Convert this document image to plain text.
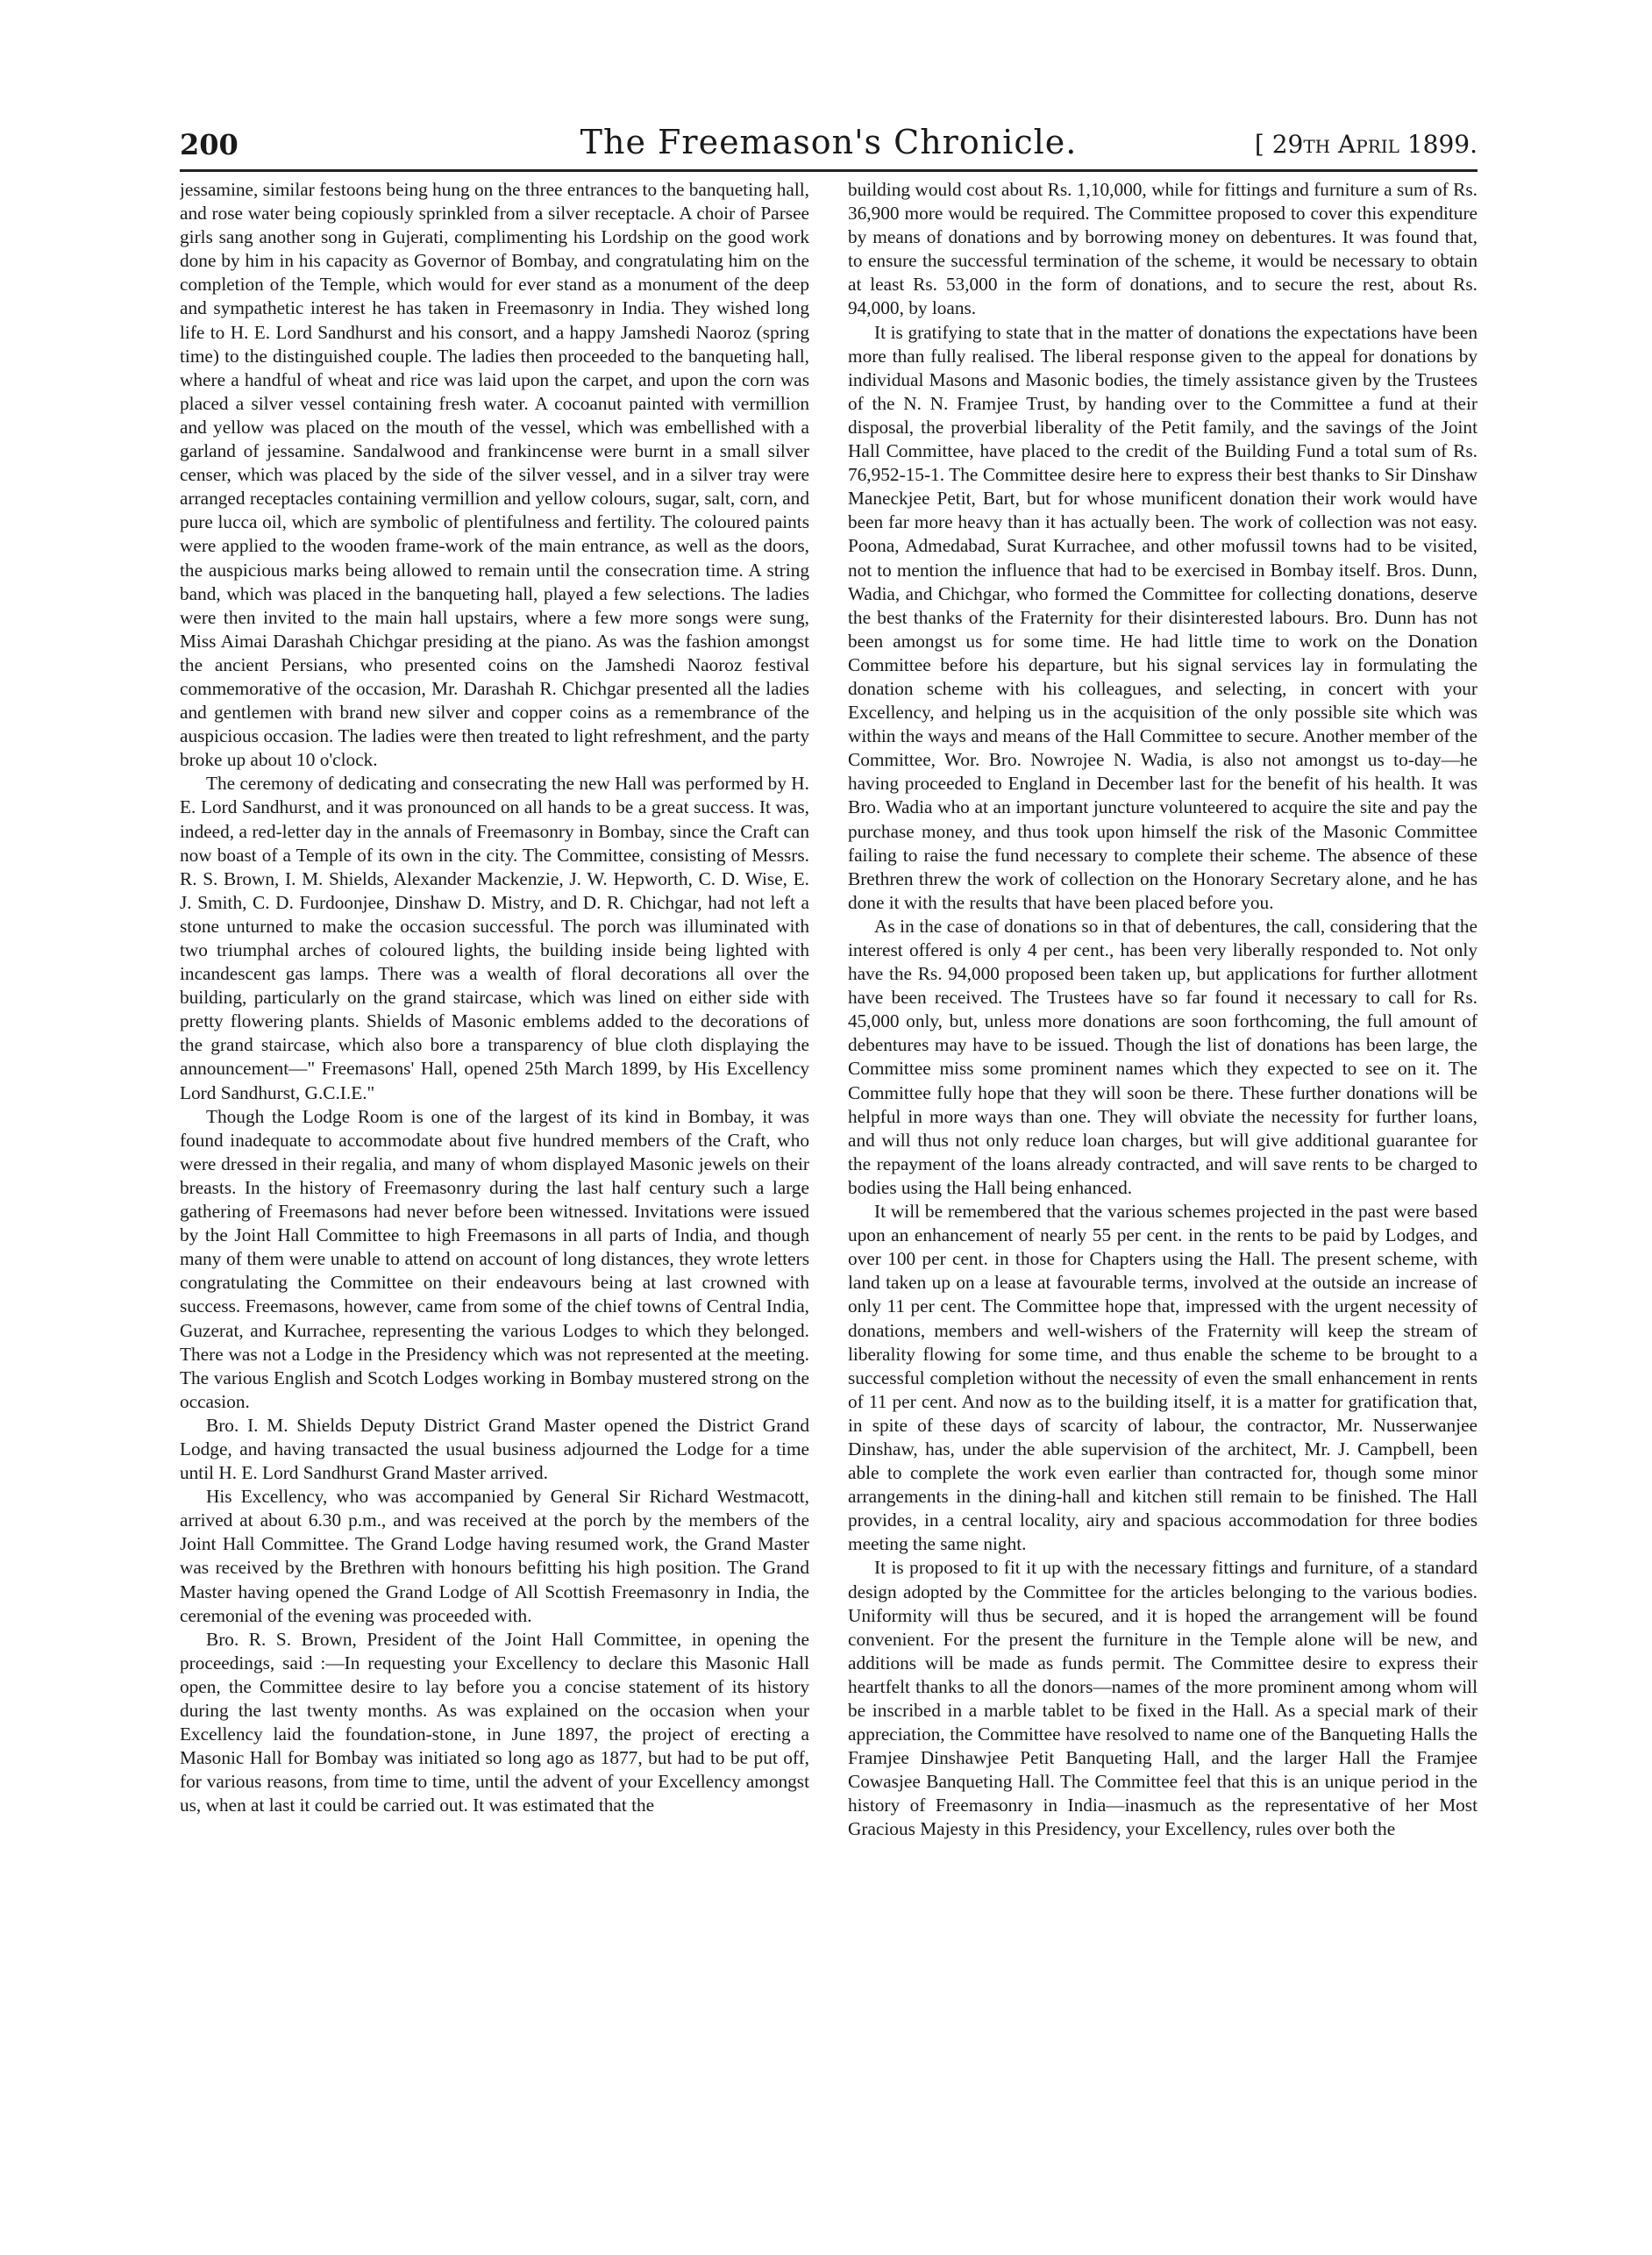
200	The Freemason's Chronicle.	[ 29th April 1899.

jessamine, similar festoons being hung on the three entrances to the banqueting hall, and rose water being copiously sprinkled from a silver receptacle. A choir of Parsee girls sang another song in Gujerati, complimenting his Lordship on the good work done by him in his capacity as Governor of Bombay, and congratulating him on the completion of the Temple, which would for ever stand as a monument of the deep and sympathetic interest he has taken in Freemasonry in India. They wished long life to H. E. Lord Sandhurst and his consort, and a happy Jamshedi Naoroz (spring time) to the distinguished couple. The ladies then proceeded to the banqueting hall, where a handful of wheat and rice was laid upon the carpet, and upon the corn was placed a silver vessel containing fresh water. A cocoanut painted with vermillion and yellow was placed on the mouth of the vessel, which was embellished with a garland of jessamine. Sandalwood and frankincense were burnt in a small silver censer, which was placed by the side of the silver vessel, and in a silver tray were arranged receptacles containing vermillion and yellow colours, sugar, salt, corn, and pure lucca oil, which are symbolic of plentifulness and fertility. The coloured paints were applied to the wooden frame-work of the main entrance, as well as the doors, the auspicious marks being allowed to remain until the consecration time. A string band, which was placed in the banqueting hall, played a few selections. The ladies were then invited to the main hall upstairs, where a few more songs were sung, Miss Aimai Darashah Chichgar presiding at the piano. As was the fashion amongst the ancient Persians, who presented coins on the Jamshedi Naoroz festival commemorative of the occasion, Mr. Darashah R. Chichgar presented all the ladies and gentlemen with brand new silver and copper coins as a remembrance of the auspicious occasion. The ladies were then treated to light refreshment, and the party broke up about 10 o'clock.

The ceremony of dedicating and consecrating the new Hall was performed by H. E. Lord Sandhurst, and it was pronounced on all hands to be a great success. It was, indeed, a red-letter day in the annals of Freemasonry in Bombay, since the Craft can now boast of a Temple of its own in the city. The Committee, consisting of Messrs. R. S. Brown, I. M. Shields, Alexander Mackenzie, J. W. Hepworth, C. D. Wise, E. J. Smith, C. D. Furdoonjee, Dinshaw D. Mistry, and D. R. Chichgar, had not left a stone unturned to make the occasion successful. The porch was illuminated with two triumphal arches of coloured lights, the building inside being lighted with incandescent gas lamps. There was a wealth of floral decorations all over the building, particularly on the grand staircase, which was lined on either side with pretty flowering plants. Shields of Masonic emblems added to the decorations of the grand staircase, which also bore a transparency of blue cloth displaying the announcement—" Freemasons' Hall, opened 25th March 1899, by His Excellency Lord Sandhurst, G.C.I.E."

Though the Lodge Room is one of the largest of its kind in Bombay, it was found inadequate to accommodate about five hundred members of the Craft, who were dressed in their regalia, and many of whom displayed Masonic jewels on their breasts. In the history of Freemasonry during the last half century such a large gathering of Freemasons had never before been witnessed. Invitations were issued by the Joint Hall Committee to high Freemasons in all parts of India, and though many of them were unable to attend on account of long distances, they wrote letters congratulating the Committee on their endeavours being at last crowned with success. Freemasons, however, came from some of the chief towns of Central India, Guzerat, and Kurrachee, representing the various Lodges to which they belonged. There was not a Lodge in the Presidency which was not represented at the meeting. The various English and Scotch Lodges working in Bombay mustered strong on the occasion.

Bro. I. M. Shields Deputy District Grand Master opened the District Grand Lodge, and having transacted the usual business adjourned the Lodge for a time until H. E. Lord Sandhurst Grand Master arrived.

His Excellency, who was accompanied by General Sir Richard Westmacott, arrived at about 6.30 p.m., and was received at the porch by the members of the Joint Hall Committee. The Grand Lodge having resumed work, the Grand Master was received by the Brethren with honours befitting his high position. The Grand Master having opened the Grand Lodge of All Scottish Freemasonry in India, the ceremonial of the evening was proceeded with.

Bro. R. S. Brown, President of the Joint Hall Committee, in opening the proceedings, said :—In requesting your Excellency to declare this Masonic Hall open, the Committee desire to lay before you a concise statement of its history during the last twenty months. As was explained on the occasion when your Excellency laid the foundation-stone, in June 1897, the project of erecting a Masonic Hall for Bombay was initiated so long ago as 1877, but had to be put off, for various reasons, from time to time, until the advent of your Excellency amongst us, when at last it could be carried out. It was estimated that the

building would cost about Rs. 1,10,000, while for fittings and furniture a sum of Rs. 36,900 more would be required. The Committee proposed to cover this expenditure by means of donations and by borrowing money on debentures. It was found that, to ensure the successful termination of the scheme, it would be necessary to obtain at least Rs. 53,000 in the form of donations, and to secure the rest, about Rs. 94,000, by loans.

It is gratifying to state that in the matter of donations the expectations have been more than fully realised. The liberal response given to the appeal for donations by individual Masons and Masonic bodies, the timely assistance given by the Trustees of the N. N. Framjee Trust, by handing over to the Committee a fund at their disposal, the proverbial liberality of the Petit family, and the savings of the Joint Hall Committee, have placed to the credit of the Building Fund a total sum of Rs. 76,952-15-1. The Committee desire here to express their best thanks to Sir Dinshaw Maneckjee Petit, Bart, but for whose munificent donation their work would have been far more heavy than it has actually been. The work of collection was not easy. Poona, Admedabad, Surat Kurrachee, and other mofussil towns had to be visited, not to mention the influence that had to be exercised in Bombay itself. Bros. Dunn, Wadia, and Chichgar, who formed the Committee for collecting donations, deserve the best thanks of the Fraternity for their disinterested labours. Bro. Dunn has not been amongst us for some time. He had little time to work on the Donation Committee before his departure, but his signal services lay in formulating the donation scheme with his colleagues, and selecting, in concert with your Excellency, and helping us in the acquisition of the only possible site which was within the ways and means of the Hall Committee to secure. Another member of the Committee, Wor. Bro. Nowrojee N. Wadia, is also not amongst us to-day—he having proceeded to England in December last for the benefit of his health. It was Bro. Wadia who at an important juncture volunteered to acquire the site and pay the purchase money, and thus took upon himself the risk of the Masonic Committee failing to raise the fund necessary to complete their scheme. The absence of these Brethren threw the work of collection on the Honorary Secretary alone, and he has done it with the results that have been placed before you.

As in the case of donations so in that of debentures, the call, considering that the interest offered is only 4 per cent., has been very liberally responded to. Not only have the Rs. 94,000 proposed been taken up, but applications for further allotment have been received. The Trustees have so far found it necessary to call for Rs. 45,000 only, but, unless more donations are soon forthcoming, the full amount of debentures may have to be issued. Though the list of donations has been large, the Committee miss some prominent names which they expected to see on it. The Committee fully hope that they will soon be there. These further donations will be helpful in more ways than one. They will obviate the necessity for further loans, and will thus not only reduce loan charges, but will give additional guarantee for the repayment of the loans already contracted, and will save rents to be charged to bodies using the Hall being enhanced.

It will be remembered that the various schemes projected in the past were based upon an enhancement of nearly 55 per cent. in the rents to be paid by Lodges, and over 100 per cent. in those for Chapters using the Hall. The present scheme, with land taken up on a lease at favourable terms, involved at the outside an increase of only 11 per cent. The Committee hope that, impressed with the urgent necessity of donations, members and well-wishers of the Fraternity will keep the stream of liberality flowing for some time, and thus enable the scheme to be brought to a successful completion without the necessity of even the small enhancement in rents of 11 per cent. And now as to the building itself, it is a matter for gratification that, in spite of these days of scarcity of labour, the contractor, Mr. Nusserwanjee Dinshaw, has, under the able supervision of the architect, Mr. J. Campbell, been able to complete the work even earlier than contracted for, though some minor arrangements in the dining-hall and kitchen still remain to be finished. The Hall provides, in a central locality, airy and spacious accommodation for three bodies meeting the same night.

It is proposed to fit it up with the necessary fittings and furniture, of a standard design adopted by the Committee for the articles belonging to the various bodies. Uniformity will thus be secured, and it is hoped the arrangement will be found convenient. For the present the furniture in the Temple alone will be new, and additions will be made as funds permit. The Committee desire to express their heartfelt thanks to all the donors—names of the more prominent among whom will be inscribed in a marble tablet to be fixed in the Hall. As a special mark of their appreciation, the Committee have resolved to name one of the Banqueting Halls the Framjee Dinshawjee Petit Banqueting Hall, and the larger Hall the Framjee Cowasjee Banqueting Hall. The Committee feel that this is an unique period in the history of Freemasonry in India—inasmuch as the representative of her Most Gracious Majesty in this Presidency, your Excellency, rules over both the
